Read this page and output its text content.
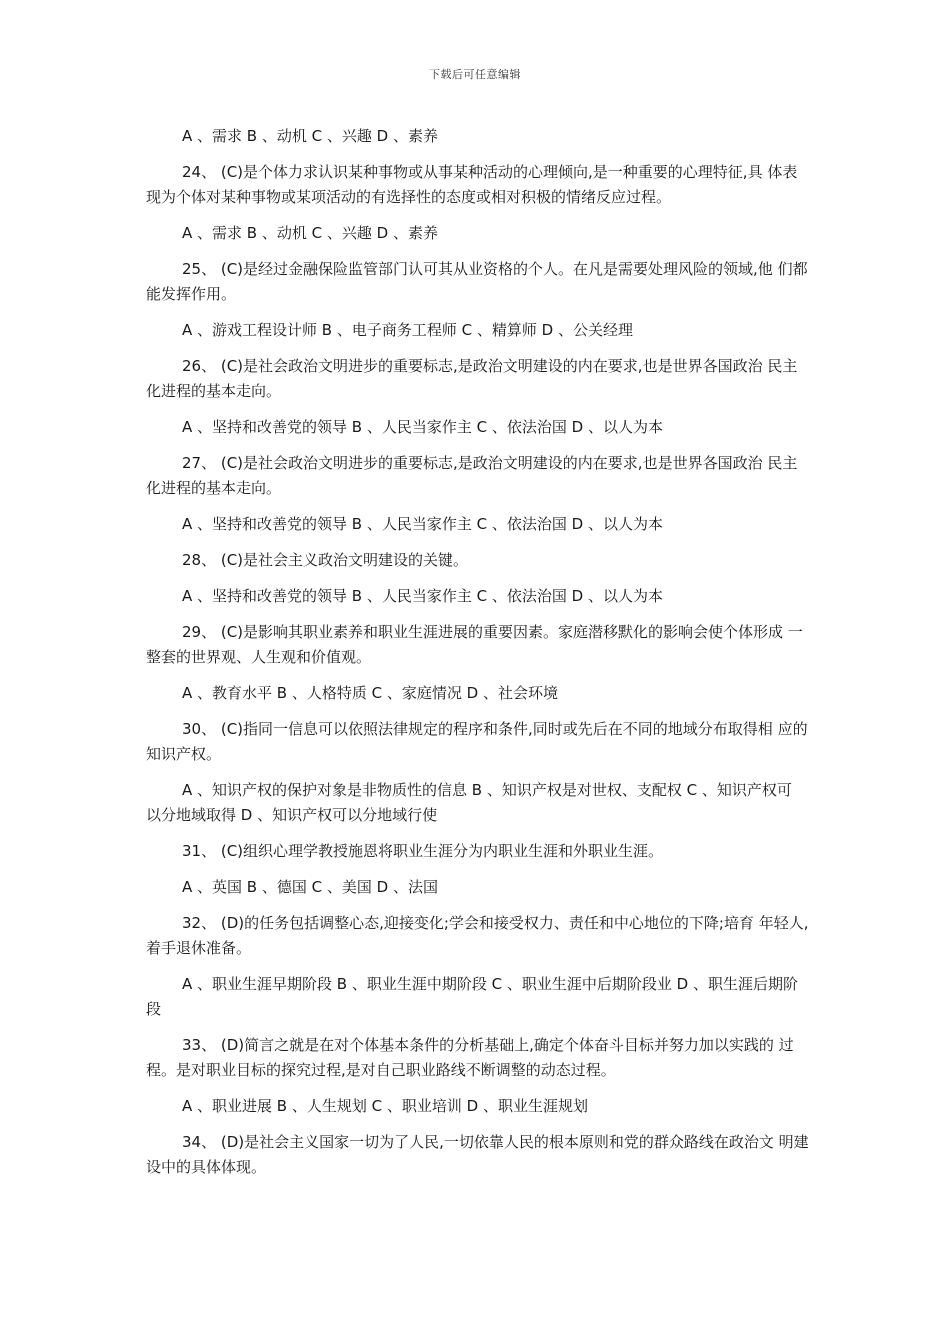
下载后可任意编辑

A 、需求 B 、动机 C 、兴趣 D 、素养

24、 (C)是个体力求认识某种事物或从事某种活动的心理倾向,是一种重要的心理特征,具 体表现为个体对某种事物或某项活动的有选择性的态度或相对积极的情绪反应过程。

A 、需求 B 、动机 C 、兴趣 D 、素养

25、 (C)是经过金融保险监管部门认可其从业资格的个人。在凡是需要处理风险的领域,他 们都能发挥作用。

A 、游戏工程设计师 B 、电子商务工程师 C 、精算师 D 、公关经理

26、 (C)是社会政治文明进步的重要标志,是政治文明建设的内在要求,也是世界各国政治 民主化进程的基本走向。

A 、坚持和改善党的领导 B 、人民当家作主 C 、依法治国 D 、以人为本

27、 (C)是社会政治文明进步的重要标志,是政治文明建设的内在要求,也是世界各国政治 民主化进程的基本走向。

A 、坚持和改善党的领导 B 、人民当家作主 C 、依法治国 D 、以人为本

28、 (C)是社会主义政治文明建设的关键。

A 、坚持和改善党的领导 B 、人民当家作主 C 、依法治国 D 、以人为本

29、 (C)是影响其职业素养和职业生涯进展的重要因素。家庭潜移默化的影响会使个体形成 一整套的世界观、人生观和价值观。

A 、教育水平 B 、人格特质 C 、家庭情况 D 、社会环境

30、 (C)指同一信息可以依照法律规定的程序和条件,同时或先后在不同的地域分布取得相 应的知识产权。

A 、知识产权的保护对象是非物质性的信息 B 、知识产权是对世权、支配权 C 、知识产权可 以分地域取得 D 、知识产权可以分地域行使

31、 (C)组织心理学教授施恩将职业生涯分为内职业生涯和外职业生涯。

A 、英国 B 、德国 C 、美国 D 、法国

32、 (D)的任务包括调整心态,迎接变化;学会和接受权力、责任和中心地位的下降;培育 年轻人,着手退休准备。

A 、职业生涯早期阶段 B 、职业生涯中期阶段 C 、职业生涯中后期阶段业 D 、职生涯后期阶 段

33、 (D)简言之就是在对个体基本条件的分析基础上,确定个体奋斗目标并努力加以实践的 过程。是对职业目标的探究过程,是对自己职业路线不断调整的动态过程。

A 、职业进展 B 、人生规划 C 、职业培训 D 、职业生涯规划

34、 (D)是社会主义国家一切为了人民,一切依靠人民的根本原则和党的群众路线在政治文 明建设中的具体体现。
